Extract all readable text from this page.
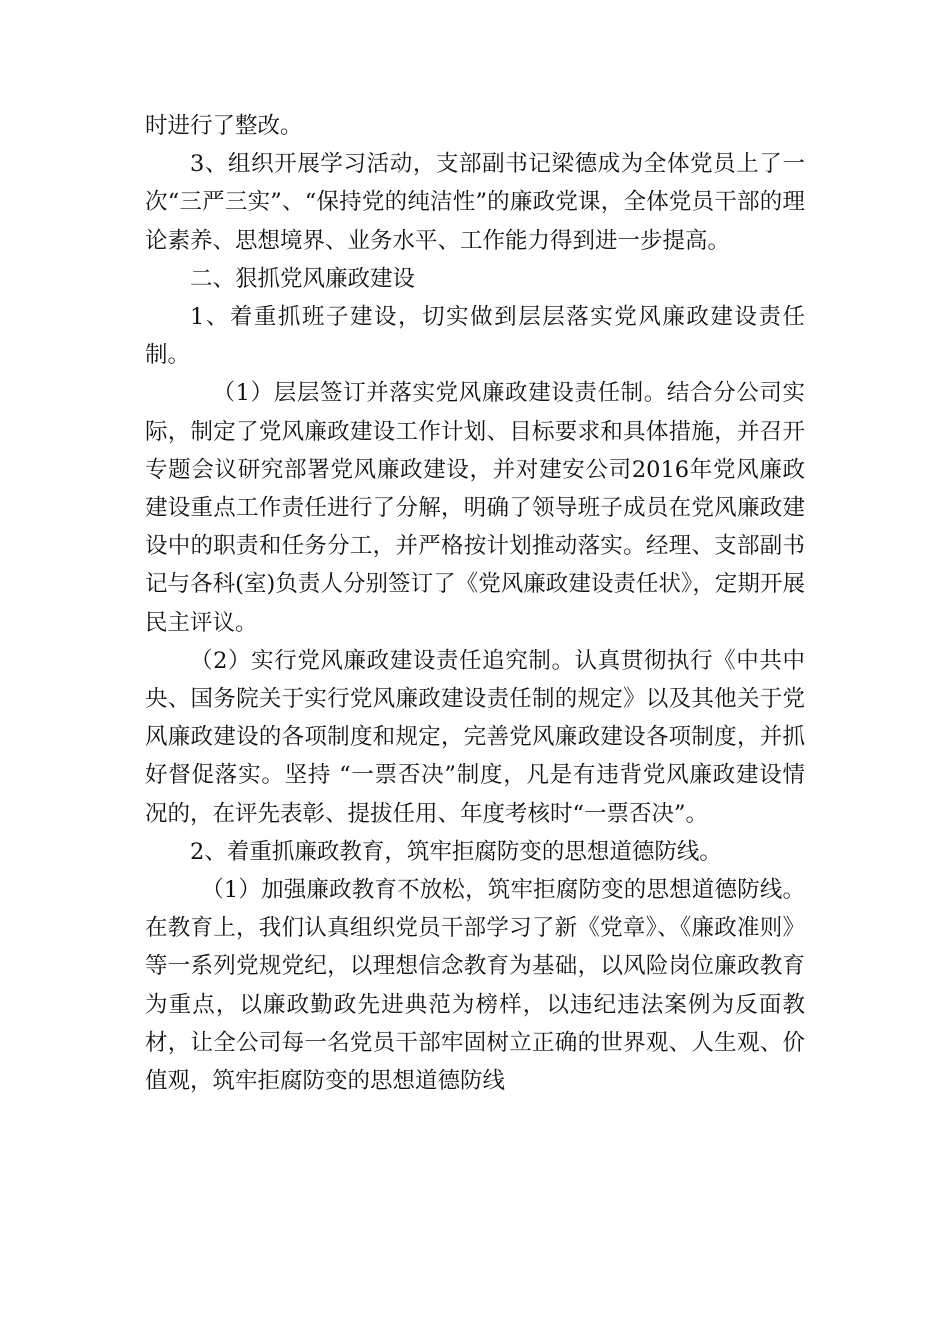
时进行了整改。

3、组织开展学习活动，支部副书记梁德成为全体党员上了一次“三严三实”、“保持党的纯洁性”的廉政党课，全体党员干部的理论素养、思想境界、业务水平、工作能力得到进一步提高。

二、狠抓党风廉政建设

1、着重抓班子建设，切实做到层层落实党风廉政建设责任制。

（1）层层签订并落实党风廉政建设责任制。结合分公司实际，制定了党风廉政建设工作计划、目标要求和具体措施，并召开专题会议研究部署党风廉政建设，并对建安公司2016年党风廉政建设重点工作责任进行了分解，明确了领导班子成员在党风廉政建设中的职责和任务分工，并严格按计划推动落实。经理、支部副书记与各科(室)负责人分别签订了《党风廉政建设责任状》，定期开展民主评议。

（2）实行党风廉政建设责任追究制。认真贯彻执行《中共中央、国务院关于实行党风廉政建设责任制的规定》以及其他关于党风廉政建设的各项制度和规定，完善党风廉政建设各项制度，并抓好督促落实。坚持 “一票否决”制度，凡是有违背党风廉政建设情况的，在评先表彰、提拔任用、年度考核时“一票否决”。

2、着重抓廉政教育，筑牢拒腐防变的思想道德防线。

（1）加强廉政教育不放松，筑牢拒腐防变的思想道德防线。在教育上，我们认真组织党员干部学习了新《党章》、《廉政准则》等一系列党规党纪，以理想信念教育为基础，以风险岗位廉政教育为重点，以廉政勤政先进典范为榜样，以违纪违法案例为反面教材，让全公司每一名党员干部牢固树立正确的世界观、人生观、价值观，筑牢拒腐防变的思想道德防线
